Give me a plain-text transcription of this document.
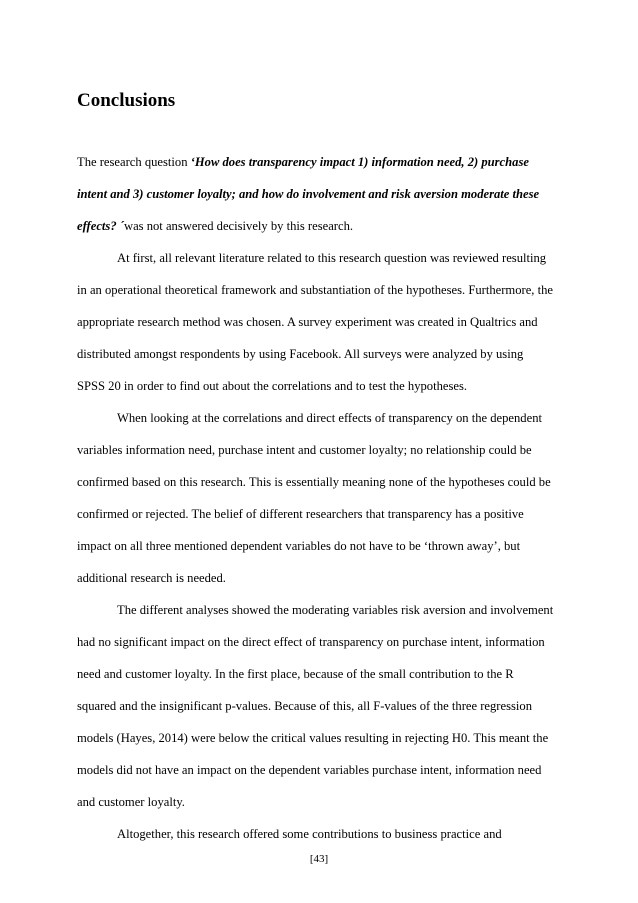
Conclusions

The research question ‘How does transparency impact 1) information need, 2) purchase

intent and 3) customer loyalty; and how do involvement and risk aversion moderate these

effects? ´was not answered decisively by this research.

At first, all relevant literature related to this research question was reviewed resulting

in an operational theoretical framework and substantiation of the hypotheses. Furthermore, the

appropriate research method was chosen. A survey experiment was created in Qualtrics and

distributed amongst respondents by using Facebook. All surveys were analyzed by using

SPSS 20 in order to find out about the correlations and to test the hypotheses.

When looking at the correlations and direct effects of transparency on the dependent

variables information need, purchase intent and customer loyalty; no relationship could be

confirmed based on this research. This is essentially meaning none of the hypotheses could be

confirmed or rejected. The belief of different researchers that transparency has a positive

impact on all three mentioned dependent variables do not have to be ‘thrown away’, but

additional research is needed.

The different analyses showed the moderating variables risk aversion and involvement

had no significant impact on the direct effect of transparency on purchase intent, information

need and customer loyalty. In the first place, because of the small contribution to the R

squared and the insignificant p-values. Because of this, all F-values of the three regression

models (Hayes, 2014) were below the critical values resulting in rejecting H0. This meant the

models did not have an impact on the dependent variables purchase intent, information need

and customer loyalty.

Altogether, this research offered some contributions to business practice and

[43]
